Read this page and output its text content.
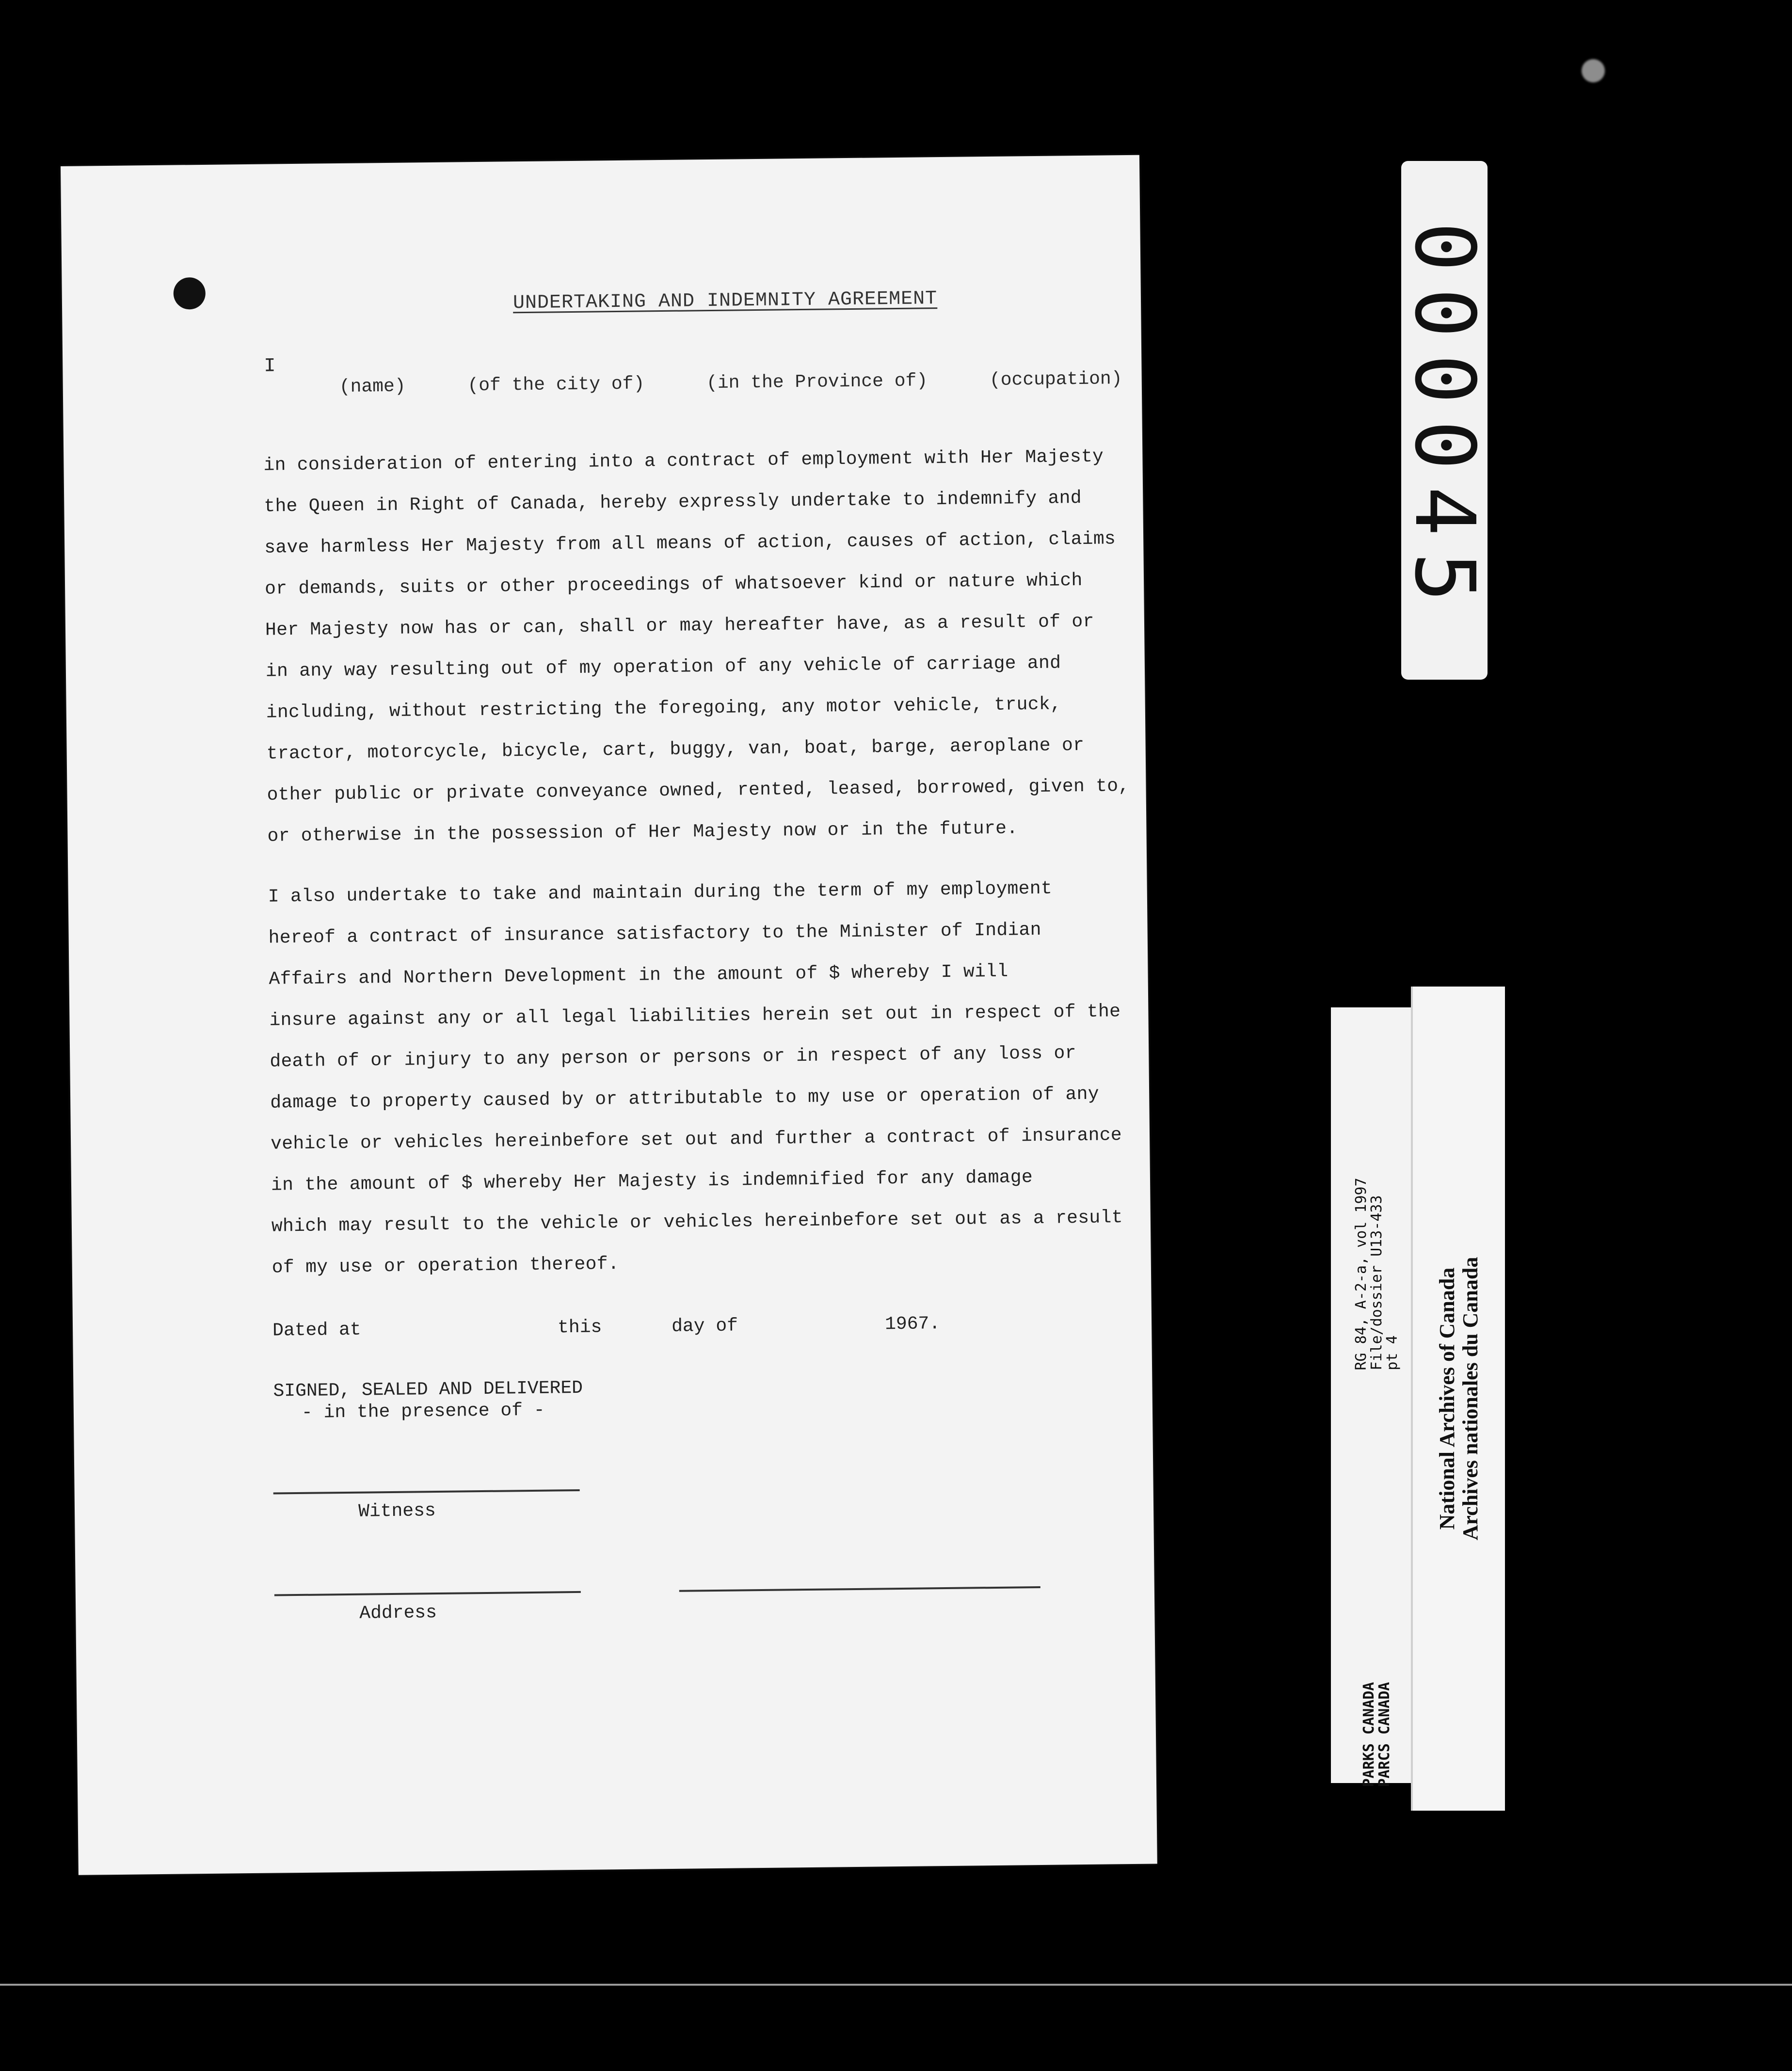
UNDERTAKING AND INDEMNITY AGREEMENT
I
(name)	(of the city of)	(in the Province of)	(occupation)
in consideration of entering into a contract of employment with Her Majesty
the Queen in Right of Canada, hereby expressly undertake to indemnify and
save harmless Her Majesty from all means of action, causes of action, claims
or demands, suits or other proceedings of whatsoever kind or nature which
Her Majesty now has or can, shall or may hereafter have, as a result of or
in any way resulting out of my operation of any vehicle of carriage and
including, without restricting the foregoing, any motor vehicle, truck,
tractor, motorcycle, bicycle, cart, buggy, van, boat, barge, aeroplane or
other public or private conveyance owned, rented, leased, borrowed, given to,
or otherwise in the possession of Her Majesty now or in the future.
I also undertake to take and maintain during the term of my employment
hereof a contract of insurance satisfactory to the Minister of Indian
Affairs and Northern Development in the amount of $ whereby I will
insure against any or all legal liabilities herein set out in respect of the
death of or injury to any person or persons or in respect of any loss or
damage to property caused by or attributable to my use or operation of any
vehicle or vehicles hereinbefore set out and further a contract of insurance
in the amount of $ whereby Her Majesty is indemnified for any damage
which may result to the vehicle or vehicles hereinbefore set out as a result
of my use or operation thereof.
Dated at	this	day of	1967.
SIGNED, SEALED AND DELIVERED
- in the presence of -
Witness
Address
000045
PARKS CANADA
PARCS CANADA
RG 84, A-2-a, vol 1997
File/dossier U13-433
pt 4 National Archives of Canada Archives nationales du Canada
